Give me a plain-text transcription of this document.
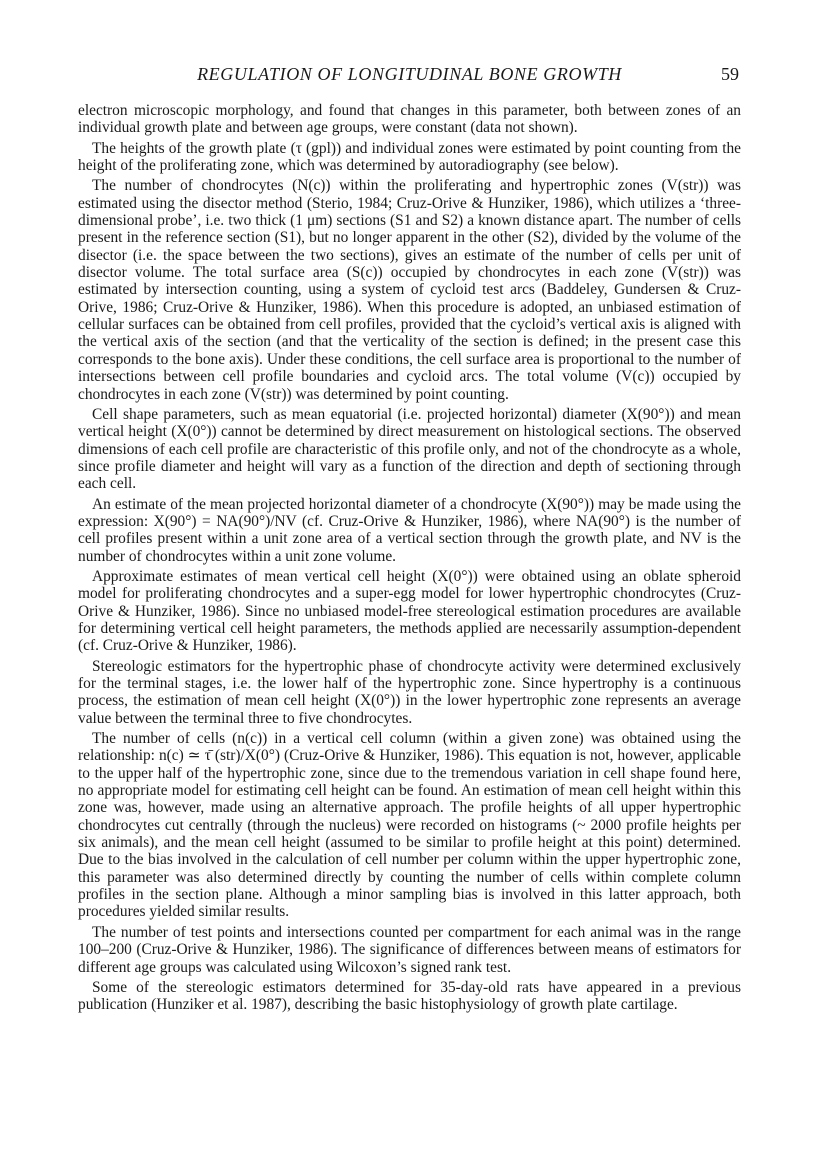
REGULATION OF LONGITUDINAL BONE GROWTH	59

electron microscopic morphology, and found that changes in this parameter, both between zones of an individual growth plate and between age groups, were constant (data not shown).

The heights of the growth plate (τ (gpl)) and individual zones were estimated by point counting from the height of the proliferating zone, which was determined by autoradiography (see below).

The number of chondrocytes (N(c)) within the proliferating and hypertrophic zones (V(str)) was estimated using the disector method (Sterio, 1984; Cruz-Orive & Hunziker, 1986), which utilizes a ‘three-dimensional probe’, i.e. two thick (1 μm) sections (S1 and S2) a known distance apart. The number of cells present in the reference section (S1), but no longer apparent in the other (S2), divided by the volume of the disector (i.e. the space between the two sections), gives an estimate of the number of cells per unit of disector volume. The total surface area (S(c)) occupied by chondrocytes in each zone (V(str)) was estimated by intersection counting, using a system of cycloid test arcs (Baddeley, Gundersen & Cruz-Orive, 1986; Cruz-Orive & Hunziker, 1986). When this procedure is adopted, an unbiased estimation of cellular surfaces can be obtained from cell profiles, provided that the cycloid’s vertical axis is aligned with the vertical axis of the section (and that the verticality of the section is defined; in the present case this corresponds to the bone axis). Under these conditions, the cell surface area is proportional to the number of intersections between cell profile boundaries and cycloid arcs. The total volume (V(c)) occupied by chondrocytes in each zone (V(str)) was determined by point counting.

Cell shape parameters, such as mean equatorial (i.e. projected horizontal) diameter (X(90°)) and mean vertical height (X(0°)) cannot be determined by direct measurement on histological sections. The observed dimensions of each cell profile are characteristic of this profile only, and not of the chondrocyte as a whole, since profile diameter and height will vary as a function of the direction and depth of sectioning through each cell.

An estimate of the mean projected horizontal diameter of a chondrocyte (X(90°)) may be made using the expression: X(90°) = NA(90°)/NV (cf. Cruz-Orive & Hunziker, 1986), where NA(90°) is the number of cell profiles present within a unit zone area of a vertical section through the growth plate, and NV is the number of chondrocytes within a unit zone volume.

Approximate estimates of mean vertical cell height (X(0°)) were obtained using an oblate spheroid model for proliferating chondrocytes and a super-egg model for lower hypertrophic chondrocytes (Cruz-Orive & Hunziker, 1986). Since no unbiased model-free stereological estimation procedures are available for determining vertical cell height parameters, the methods applied are necessarily assumption-dependent (cf. Cruz-Orive & Hunziker, 1986).

Stereologic estimators for the hypertrophic phase of chondrocyte activity were determined exclusively for the terminal stages, i.e. the lower half of the hypertrophic zone. Since hypertrophy is a continuous process, the estimation of mean cell height (X(0°)) in the lower hypertrophic zone represents an average value between the terminal three to five chondrocytes.

The number of cells (n(c)) in a vertical cell column (within a given zone) was obtained using the relationship: n(c) ≃ τ̄ (str)/X(0°) (Cruz-Orive & Hunziker, 1986). This equation is not, however, applicable to the upper half of the hypertrophic zone, since due to the tremendous variation in cell shape found here, no appropriate model for estimating cell height can be found. An estimation of mean cell height within this zone was, however, made using an alternative approach. The profile heights of all upper hypertrophic chondrocytes cut centrally (through the nucleus) were recorded on histograms (~ 2000 profile heights per six animals), and the mean cell height (assumed to be similar to profile height at this point) determined. Due to the bias involved in the calculation of cell number per column within the upper hypertrophic zone, this parameter was also determined directly by counting the number of cells within complete column profiles in the section plane. Although a minor sampling bias is involved in this latter approach, both procedures yielded similar results.

The number of test points and intersections counted per compartment for each animal was in the range 100–200 (Cruz-Orive & Hunziker, 1986). The significance of differences between means of estimators for different age groups was calculated using Wilcoxon’s signed rank test.

Some of the stereologic estimators determined for 35-day-old rats have appeared in a previous publication (Hunziker et al. 1987), describing the basic histophysiology of growth plate cartilage.
